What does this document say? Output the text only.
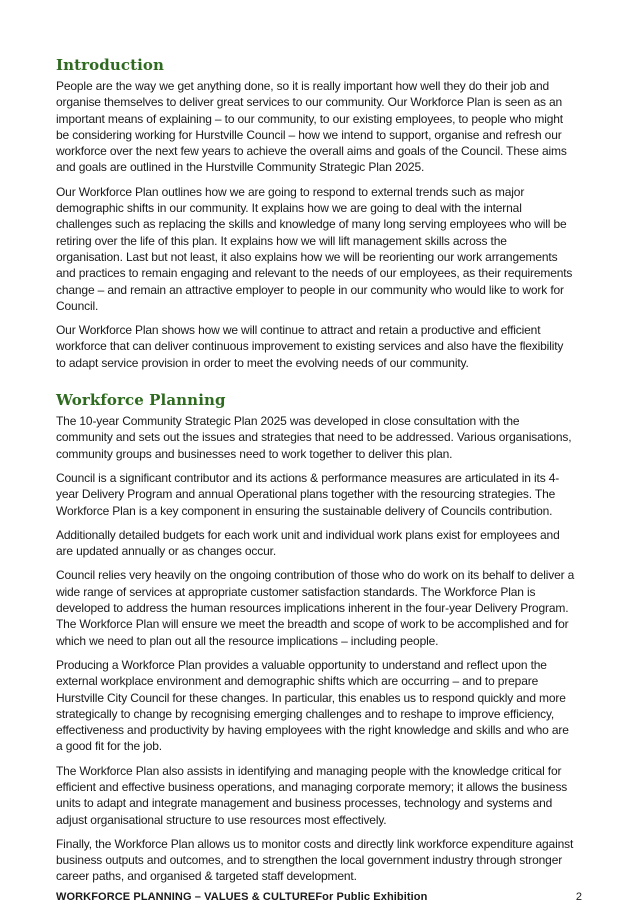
Introduction

People are the way we get anything done, so it is really important how well they do their job and organise themselves to deliver great services to our community. Our Workforce Plan is seen as an important means of explaining – to our community, to our existing employees, to people who might be considering working for Hurstville Council – how we intend to support, organise and refresh our workforce over the next few years to achieve the overall aims and goals of the Council. These aims and goals are outlined in the Hurstville Community Strategic Plan 2025.

Our Workforce Plan outlines how we are going to respond to external trends such as major demographic shifts in our community. It explains how we are going to deal with the internal challenges such as replacing the skills and knowledge of many long serving employees who will be retiring over the life of this plan. It explains how we will lift management skills across the organisation. Last but not least, it also explains how we will be reorienting our work arrangements and practices to remain engaging and relevant to the needs of our employees, as their requirements change – and remain an attractive employer to people in our community who would like to work for Council.

Our Workforce Plan shows how we will continue to attract and retain a productive and efficient workforce that can deliver continuous improvement to existing services and also have the flexibility to adapt service provision in order to meet the evolving needs of our community.

Workforce Planning

The 10-year Community Strategic Plan 2025 was developed in close consultation with the community and sets out the issues and strategies that need to be addressed. Various organisations, community groups and businesses need to work together to deliver this plan.

Council is a significant contributor and its actions & performance measures are articulated in its 4-year Delivery Program and annual Operational plans together with the resourcing strategies. The Workforce Plan is a key component in ensuring the sustainable delivery of Councils contribution.

Additionally detailed budgets for each work unit and individual work plans exist for employees and are updated annually or as changes occur.

Council relies very heavily on the ongoing contribution of those who do work on its behalf to deliver a wide range of services at appropriate customer satisfaction standards. The Workforce Plan is developed to address the human resources implications inherent in the four-year Delivery Program. The Workforce Plan will ensure we meet the breadth and scope of work to be accomplished and for which we need to plan out all the resource implications – including people.

Producing a Workforce Plan provides a valuable opportunity to understand and reflect upon the external workplace environment and demographic shifts which are occurring – and to prepare Hurstville City Council for these changes. In particular, this enables us to respond quickly and more strategically to change by recognising emerging challenges and to reshape to improve efficiency, effectiveness and productivity by having employees with the right knowledge and skills and who are a good fit for the job.

The Workforce Plan also assists in identifying and managing people with the knowledge critical for efficient and effective business operations, and managing corporate memory; it allows the business units to adapt and integrate management and business processes, technology and systems and adjust organisational structure to use resources most effectively.

Finally, the Workforce Plan allows us to monitor costs and directly link workforce expenditure against business outputs and outcomes, and to strengthen the local government industry through stronger career paths, and organised & targeted staff development.

WORKFORCE PLANNING – VALUES & CULTUREFor Public Exhibition	2
